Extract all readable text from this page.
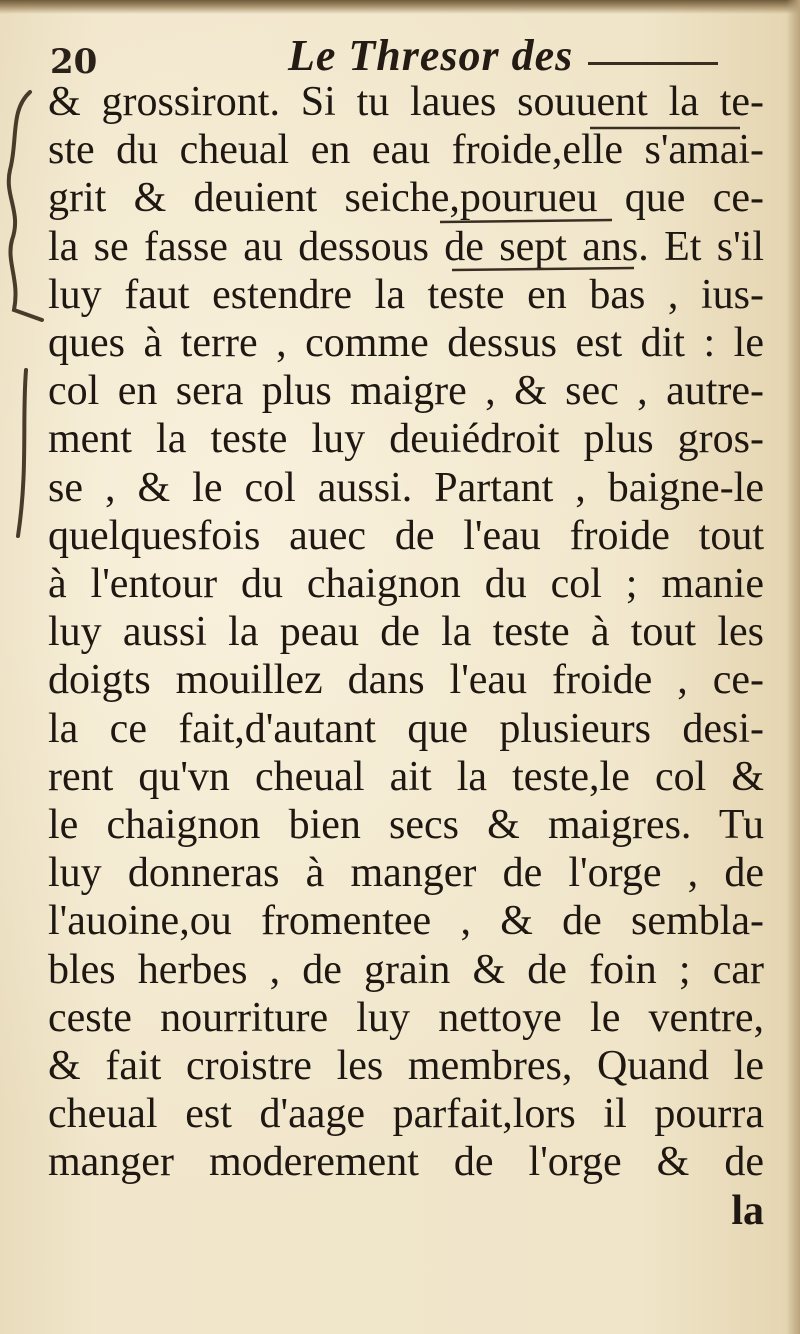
20	Le Thresor des
& grossiront. Si tu laues souuent la te-
ste du cheual en eau froide,elle s'amai-
grit & deuient seiche,pourueu que ce-
la se fasse au dessous de sept ans. Et s'il
luy faut estendre la teste en bas , ius-
ques à terre , comme dessus est dit : le
col en sera plus maigre , & sec , autre-
ment la teste luy deuiédroit plus gros-
se , & le col aussi. Partant , baigne-le
quelquesfois auec de l'eau froide tout
à l'entour du chaignon du col ; manie
luy aussi la peau de la teste à tout les
doigts mouillez dans l'eau froide , ce-
la ce fait,d'autant que plusieurs desi-
rent qu'vn cheual ait la teste,le col &
le chaignon bien secs & maigres. Tu
luy donneras à manger de l'orge , de
l'auoine,ou fromentee , & de sembla-
bles herbes , de grain & de foin ; car
ceste nourriture luy nettoye le ventre,
& fait croistre les membres, Quand le
cheual est d'aage parfait,lors il pourra
manger moderement de l'orge & de
la
